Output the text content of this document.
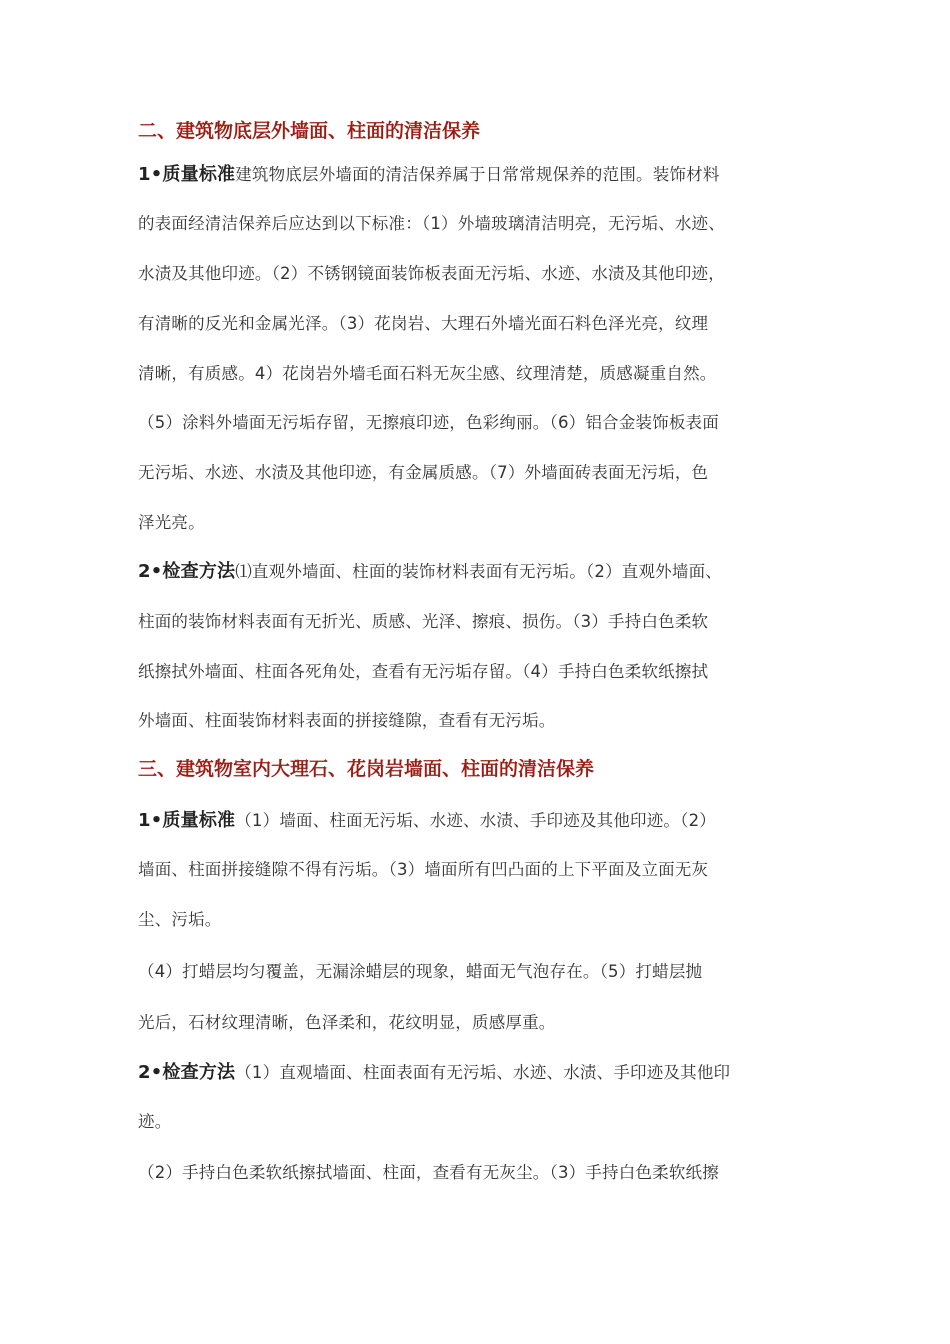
二、建筑物底层外墙面、柱面的清洁保养
1•质量标准建筑物底层外墙面的清洁保养属于日常常规保养的范围。装饰材料
的表面经清洁保养后应达到以下标准：（1）外墙玻璃清洁明亮，无污垢、水迹、
水渍及其他印迹。（2）不锈钢镜面装饰板表面无污垢、水迹、水渍及其他印迹，
有清晰的反光和金属光泽。（3）花岗岩、大理石外墙光面石料色泽光亮，纹理
清晰，有质感。4）花岗岩外墙毛面石料无灰尘感、纹理清楚，质感凝重自然。
（5）涂料外墙面无污垢存留，无擦痕印迹，色彩绚丽。（6）铝合金装饰板表面
无污垢、水迹、水渍及其他印迹，有金属质感。（7）外墙面砖表面无污垢，色
泽光亮。
2•检查方法⑴直观外墙面、柱面的装饰材料表面有无污垢。（2）直观外墙面、
柱面的装饰材料表面有无折光、质感、光泽、擦痕、损伤。（3）手持白色柔软
纸擦拭外墙面、柱面各死角处，查看有无污垢存留。（4）手持白色柔软纸擦拭
外墙面、柱面装饰材料表面的拼接缝隙，查看有无污垢。
三、建筑物室内大理石、花岗岩墙面、柱面的清洁保养
1•质量标准（1）墙面、柱面无污垢、水迹、水渍、手印迹及其他印迹。（2）
墙面、柱面拼接缝隙不得有污垢。（3）墙面所有凹凸面的上下平面及立面无灰
尘、污垢。
（4）打蜡层均匀覆盖，无漏涂蜡层的现象，蜡面无气泡存在。（5）打蜡层抛
光后，石材纹理清晰，色泽柔和，花纹明显，质感厚重。
2•检查方法（1）直观墙面、柱面表面有无污垢、水迹、水渍、手印迹及其他印
迹。
（2）手持白色柔软纸擦拭墙面、柱面，查看有无灰尘。（3）手持白色柔软纸擦
